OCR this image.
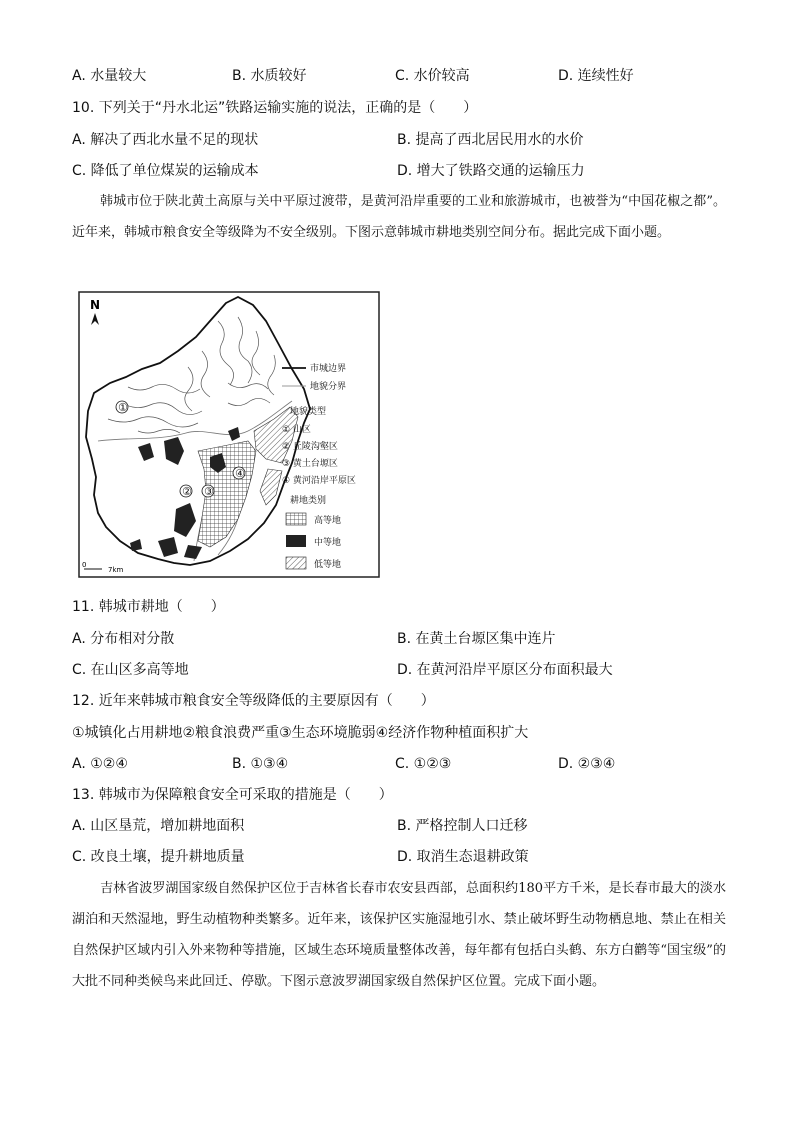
A. 水量较大	B. 水质较好	C. 水价较高	D. 连续性好
10. 下列关于“丹水北运”铁路运输实施的说法，正确的是（　　）
A. 解决了西北水量不足的现状	B. 提高了西北居民用水的水价
C. 降低了单位煤炭的运输成本	D. 增大了铁路交通的运输压力
韩城市位于陕北黄土高原与关中平原过渡带，是黄河沿岸重要的工业和旅游城市，也被誉为“中国花椒之都”。近年来，韩城市粮食安全等级降为不安全级别。下图示意韩城市耕地类别空间分布。据此完成下面小题。
N
①
② ③
④
0
7km
市城边界
地貌分界
地貌类型
① 山区
② 丘陵沟壑区
③ 黄土台塬区
④ 黄河沿岸平原区
耕地类别
高等地
中等地
低等地
11. 韩城市耕地（　　）
A. 分布相对分散	B. 在黄土台塬区集中连片
C. 在山区多高等地	D. 在黄河沿岸平原区分布面积最大
12. 近年来韩城市粮食安全等级降低的主要原因有（　　）
①城镇化占用耕地②粮食浪费严重③生态环境脆弱④经济作物种植面积扩大
A. ①②④	B. ①③④	C. ①②③	D. ②③④
13. 韩城市为保障粮食安全可采取的措施是（　　）
A. 山区垦荒，增加耕地面积	B. 严格控制人口迁移
C. 改良土壤，提升耕地质量	D. 取消生态退耕政策
吉林省波罗湖国家级自然保护区位于吉林省长春市农安县西部，总面积约180平方千米，是长春市最大的淡水湖泊和天然湿地，野生动植物种类繁多。近年来，该保护区实施湿地引水、禁止破坏野生动物栖息地、禁止在相关自然保护区域内引入外来物种等措施，区域生态环境质量整体改善，每年都有包括白头鹤、东方白鹳等“国宝级”的大批不同种类候鸟来此回迁、停歇。下图示意波罗湖国家级自然保护区位置。完成下面小题。
